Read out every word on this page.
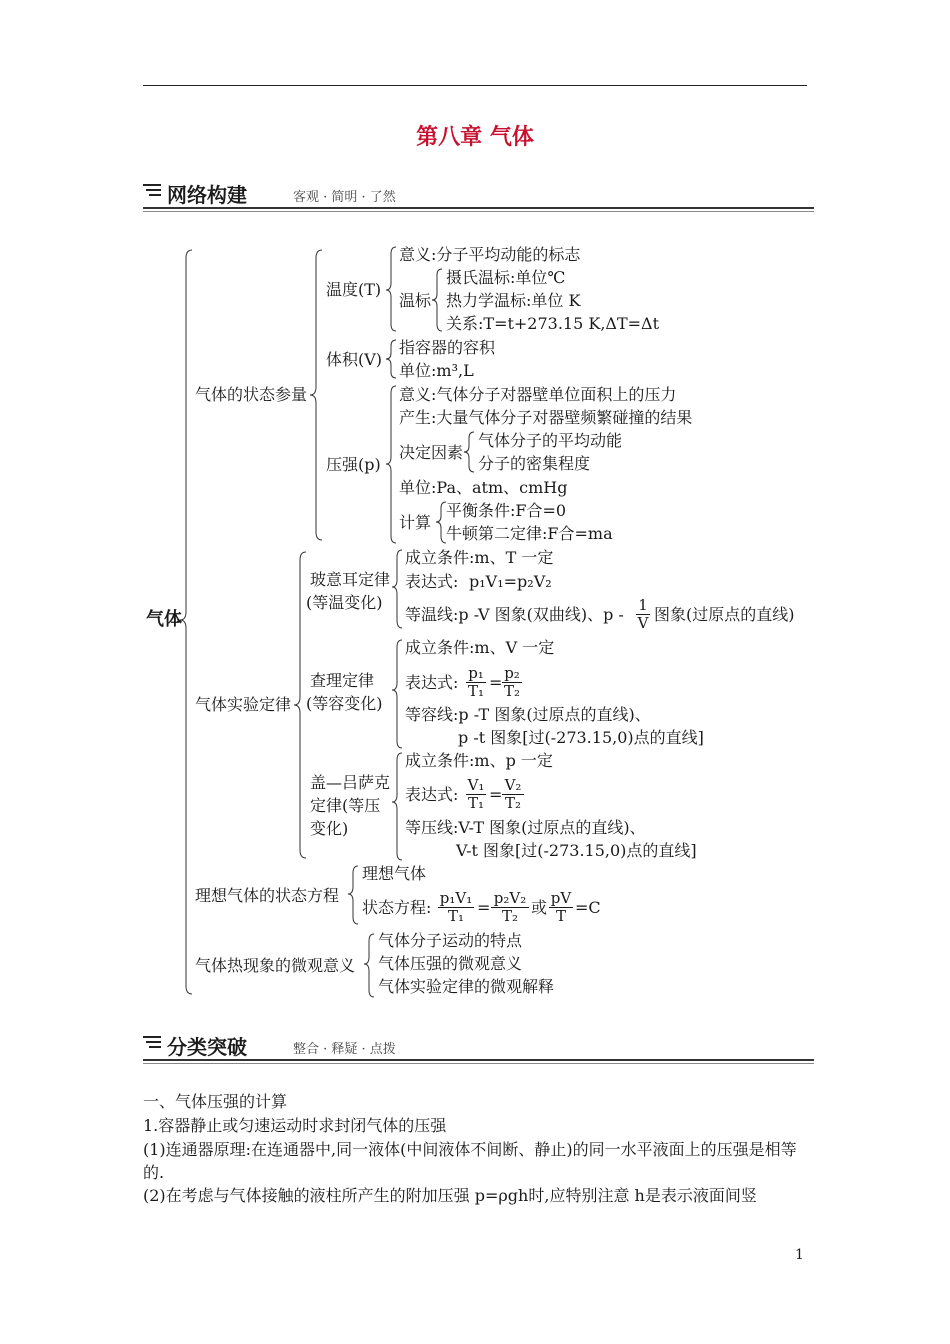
第八章 气体
网络构建	客观 · 简明 · 了然
气体
气体的状态参量
温度(T)
意义:分子平均动能的标志
温标
摄氏温标:单位℃
热力学温标:单位 K
关系:T=t+273.15 K,ΔT=Δt
体积(V)
指容器的容积
单位:m³,L
压强(p)
意义:气体分子对器壁单位面积上的压力
产生:大量气体分子对器壁频繁碰撞的结果
决定因素
气体分子的平均动能
分子的密集程度
单位:Pa、atm、cmHg
计算
平衡条件:F合=0
牛顿第二定律:F合=ma
气体实验定律
玻意耳定律
(等温变化)
成立条件:m、T 一定
表达式: p₁V₁=p₂V₂
等温线:p -V 图象(双曲线)、p - $\frac{1}{V}$ 图象(过原点的直线)
查理定律
(等容变化)
成立条件:m、V 一定
表达式: $\frac{\text{p₁}}{\text{T₁}} = \frac{\text{p₂}}{\text{T₂}}$
等容线:p -T 图象(过原点的直线)、
p -t 图象[过(-273.15,0)点的直线]
盖—吕萨克
定律(等压
变化)
成立条件:m、p 一定
表达式: $\frac{\text{V₁}}{\text{T₁}} = \frac{\text{V₂}}{\text{T₂}}$
等压线:V-T 图象(过原点的直线)、
V-t 图象[过(-273.15,0)点的直线]
理想气体的状态方程
理想气体
状态方程: $\frac{\text{p₁V₁}}{\text{T₁}} = \frac{\text{p₂V₂}}{\text{T₂}}$ 或 $\frac{pV}{T} =C$
气体热现象的微观意义
气体分子运动的特点
气体压强的微观意义
气体实验定律的微观解释
分类突破	整合 · 释疑 · 点拨
一、气体压强的计算
1.容器静止或匀速运动时求封闭气体的压强
(1)连通器原理:在连通器中,同一液体(中间液体不间断、静止)的同一水平液面上的压强是相等的.
(2)在考虑与气体接触的液柱所产生的附加压强 p=ρgh时,应特别注意 h是表示液面间竖
1
